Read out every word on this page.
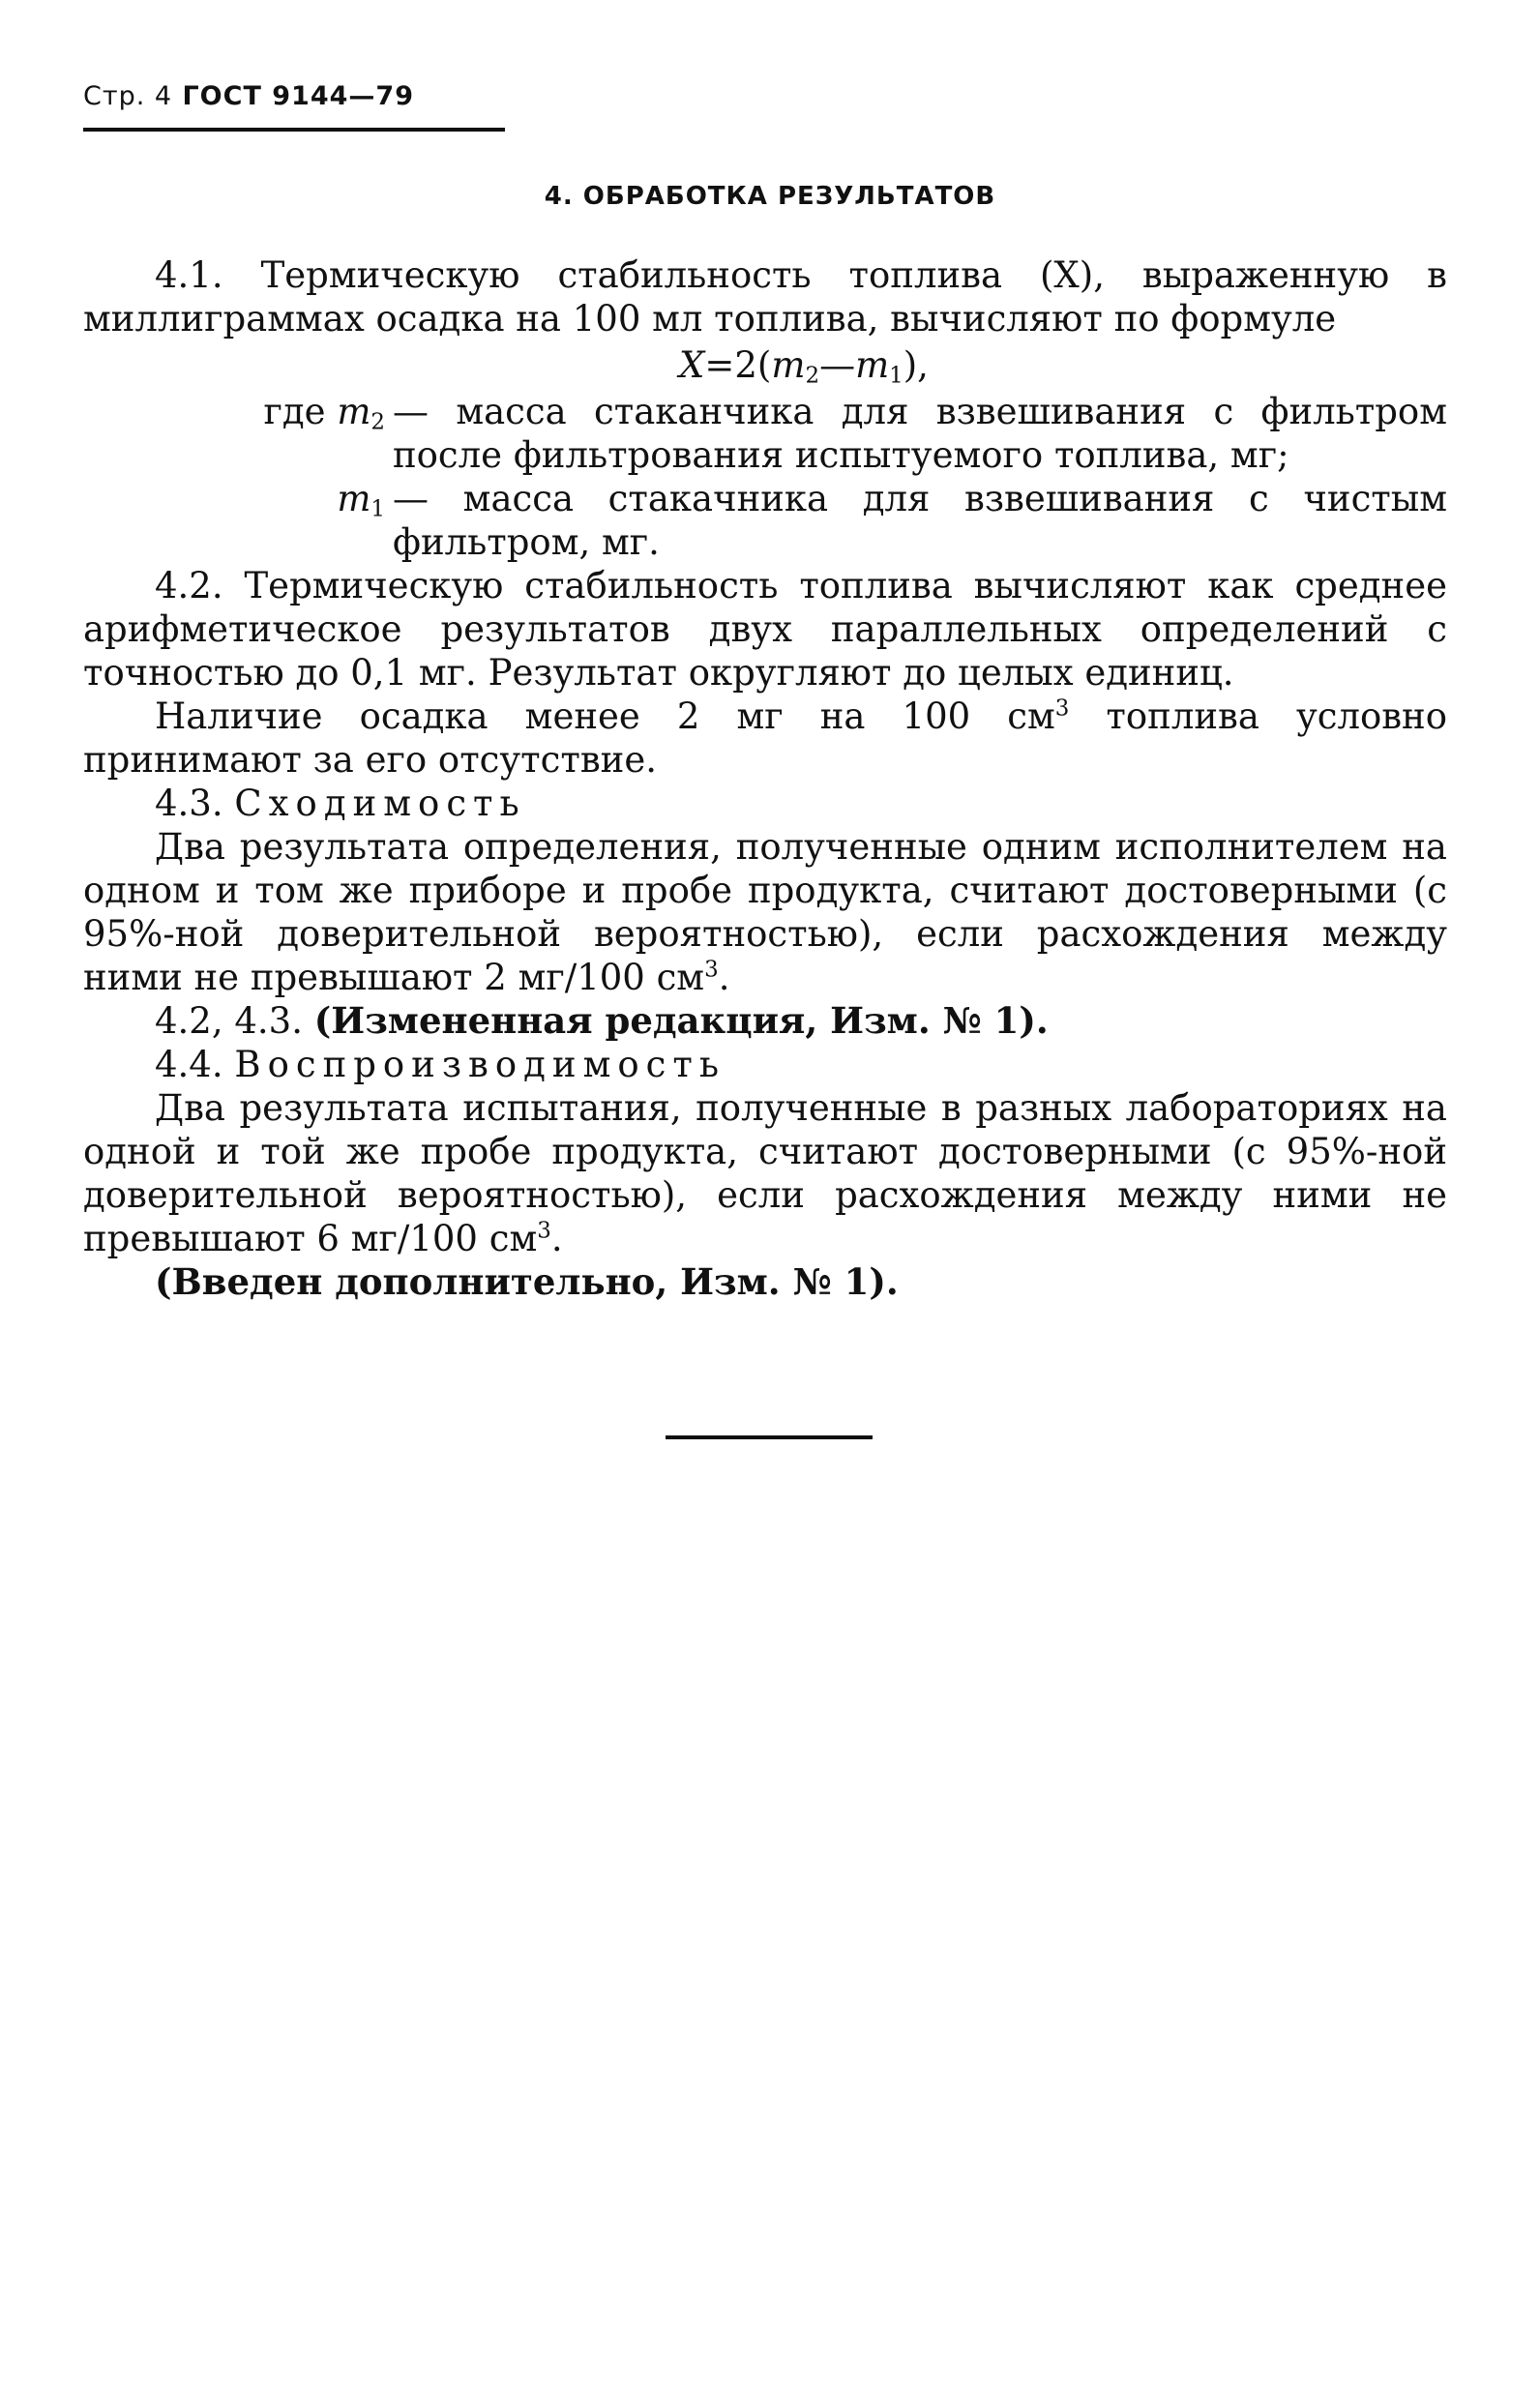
Стр. 4 ГОСТ 9144—79
4. ОБРАБОТКА РЕЗУЛЬТАТОВ

4.1. Термическую стабильность топлива (X), выраженную в миллиграммах осадка на 100 мл топлива, вычисляют по формуле

$X=2(m_2—m_1)$,
где $m_2$ — масса стаканчика для взвешивания с фильтром после фильтрования испытуемого топлива, мг;
$m_1$ — масса стакачника для взвешивания с чистым фильтром, мг.

4.2. Термическую стабильность топлива вычисляют как среднее арифметическое результатов двух параллельных определений с точностью до 0,1 мг. Результат округляют до целых единиц.

Наличие осадка менее 2 мг на 100 $см^3$ топлива условно принимают за его отсутствие.

4.3. Сходимость

Два результата определения, полученные одним исполнителем на одном и том же приборе и пробе продукта, считают достоверными (с 95%-ной доверительной вероятностью), если расхождения между ними не превышают 2 мг/100 $см^3$.

4.2, 4.3. (Измененная редакция, Изм. № 1).

4.4. Воспроизводимость

Два результата испытания, полученные в разных лабораториях на одной и той же пробе продукта, считают достоверными (с 95%-ной доверительной вероятностью), если расхождения между ними не превышают 6 мг/100 $см^3$.

(Введен дополнительно, Изм. № 1).
